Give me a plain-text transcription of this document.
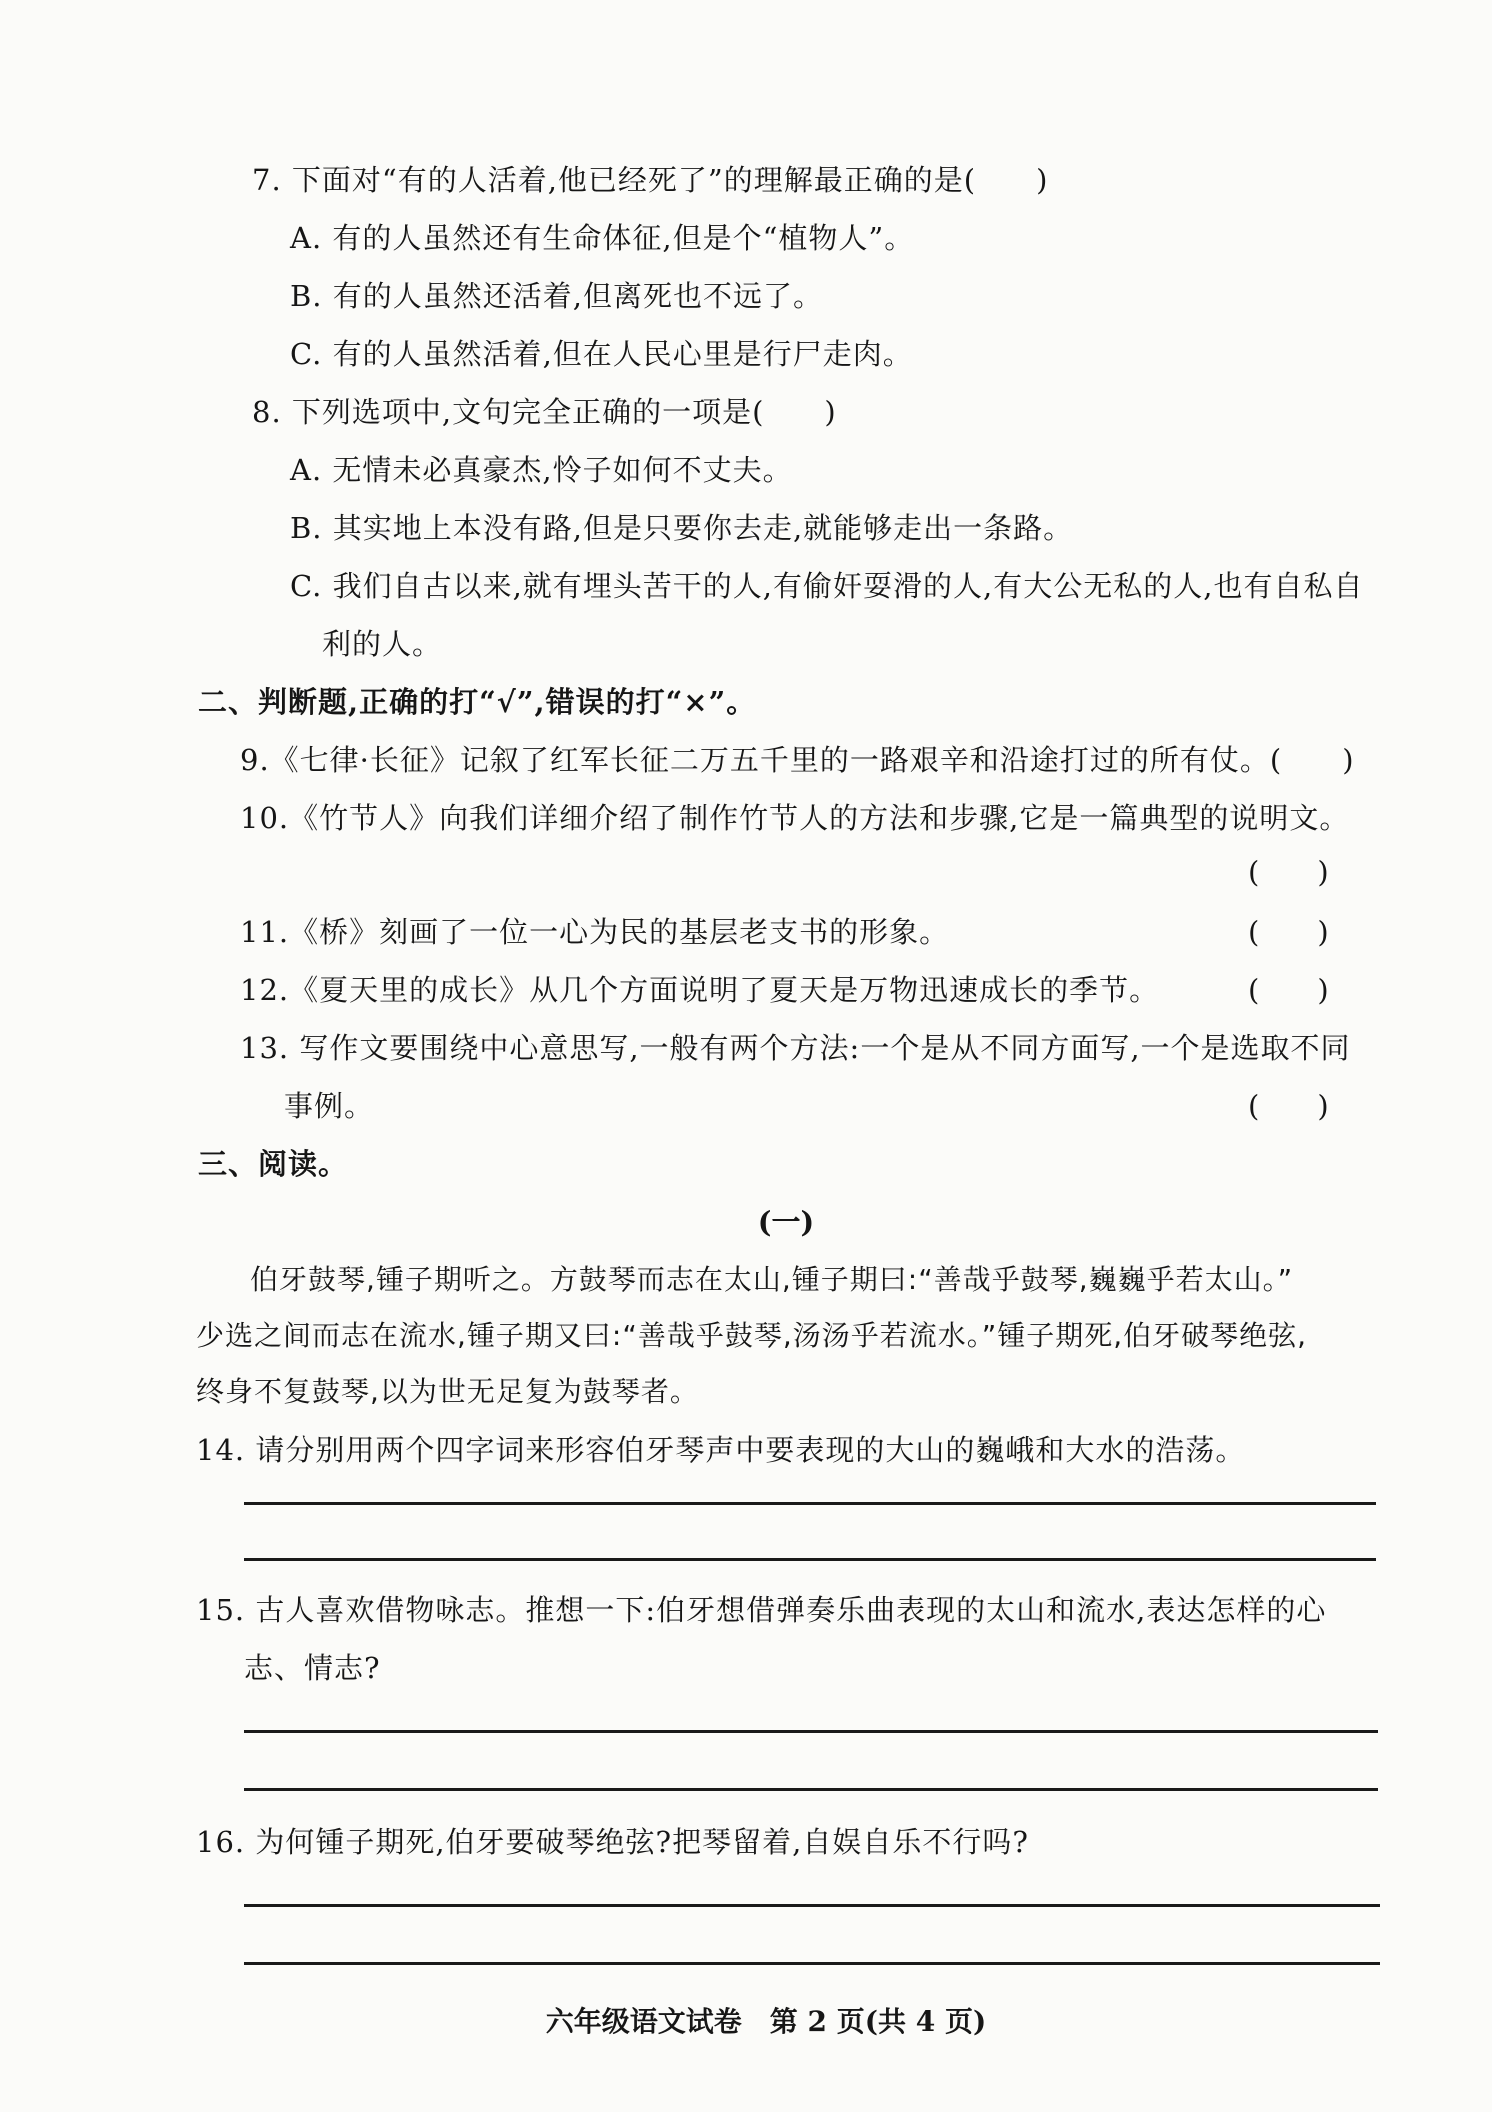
7. 下面对“有的人活着,他已经死了”的理解最正确的是(　　)
A. 有的人虽然还有生命体征,但是个“植物人”。
B. 有的人虽然还活着,但离死也不远了。
C. 有的人虽然活着,但在人民心里是行尸走肉。
8. 下列选项中,文句完全正确的一项是(　　)
A. 无情未必真豪杰,怜子如何不丈夫。
B. 其实地上本没有路,但是只要你去走,就能够走出一条路。
C. 我们自古以来,就有埋头苦干的人,有偷奸耍滑的人,有大公无私的人,也有自私自
利的人。
二、判断题,正确的打“√”,错误的打“×”。
9.《七律·长征》记叙了红军长征二万五千里的一路艰辛和沿途打过的所有仗。(　　)
10.《竹节人》向我们详细介绍了制作竹节人的方法和步骤,它是一篇典型的说明文。
(　　)
11.《桥》刻画了一位一心为民的基层老支书的形象。	(　　)
12.《夏天里的成长》从几个方面说明了夏天是万物迅速成长的季节。	(　　)
13. 写作文要围绕中心意思写,一般有两个方法:一个是从不同方面写,一个是选取不同
事例。	(　　)
三、阅读。
(一)
伯牙鼓琴,锺子期听之。方鼓琴而志在太山,锺子期曰:“善哉乎鼓琴,巍巍乎若太山。”
少选之间而志在流水,锺子期又曰:“善哉乎鼓琴,汤汤乎若流水。”锺子期死,伯牙破琴绝弦,
终身不复鼓琴,以为世无足复为鼓琴者。
14. 请分别用两个四字词来形容伯牙琴声中要表现的大山的巍峨和大水的浩荡。
15. 古人喜欢借物咏志。推想一下:伯牙想借弹奏乐曲表现的太山和流水,表达怎样的心
志、情志?
16. 为何锺子期死,伯牙要破琴绝弦?把琴留着,自娱自乐不行吗?
六年级语文试卷　第 2 页(共 4 页)
